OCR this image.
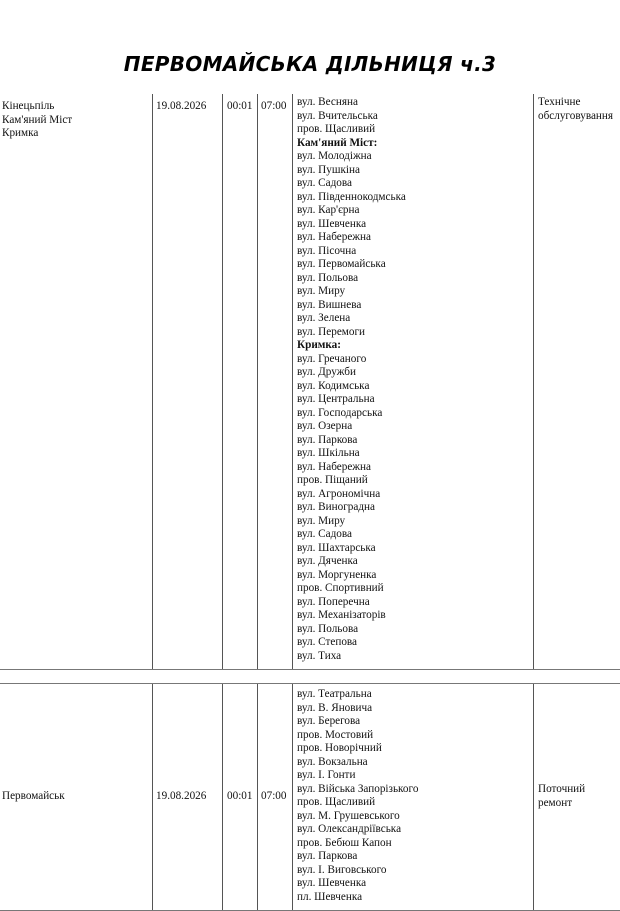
ПЕРВОМАЙСЬКА ДІЛЬНИЦЯ ч.3
Кінецьпіль
Кам'яний Міст
Кримка
19.08.2026 00:01 07:00 вул. Весняна
вул. Вчительська
пров. Щасливий
Кам'яний Міст:
вул. Молодіжна
вул. Пушкіна
вул. Садова
вул. Південнокодмська
вул. Кар'єрна
вул. Шевченка
вул. Набережна
вул. Пісочна
вул. Первомайська
вул. Польова
вул. Миру
вул. Вишнева
вул. Зелена
вул. Перемоги
Кримка:
вул. Гречаного
вул. Дружби
вул. Кодимська
вул. Центральна
вул. Господарська
вул. Озерна
вул. Паркова
вул. Шкільна
вул. Набережна
пров. Піщаний
вул. Агрономічна
вул. Виноградна
вул. Миру
вул. Садова
вул. Шахтарська
вул. Дяченка
вул. Моргуненка
пров. Спортивний
вул. Поперечна
вул. Механізаторів
вул. Польова
вул. Степова
вул. Тиха
Технічне
обслуговування
Первомайськ	19.08.2026 00:01 07:00
вул. Театральна
вул. В. Яновича
вул. Берегова
пров. Мостовий
пров. Новорічний
вул. Вокзальна
вул. І. Гонти
вул. Війська Запорізького
пров. Щасливий
вул. М. Грушевського
вул. Олександріївська
пров. Бебюш Капон
вул. Паркова
вул. І. Виговського
вул. Шевченка
пл. Шевченка
Поточний
ремонт
